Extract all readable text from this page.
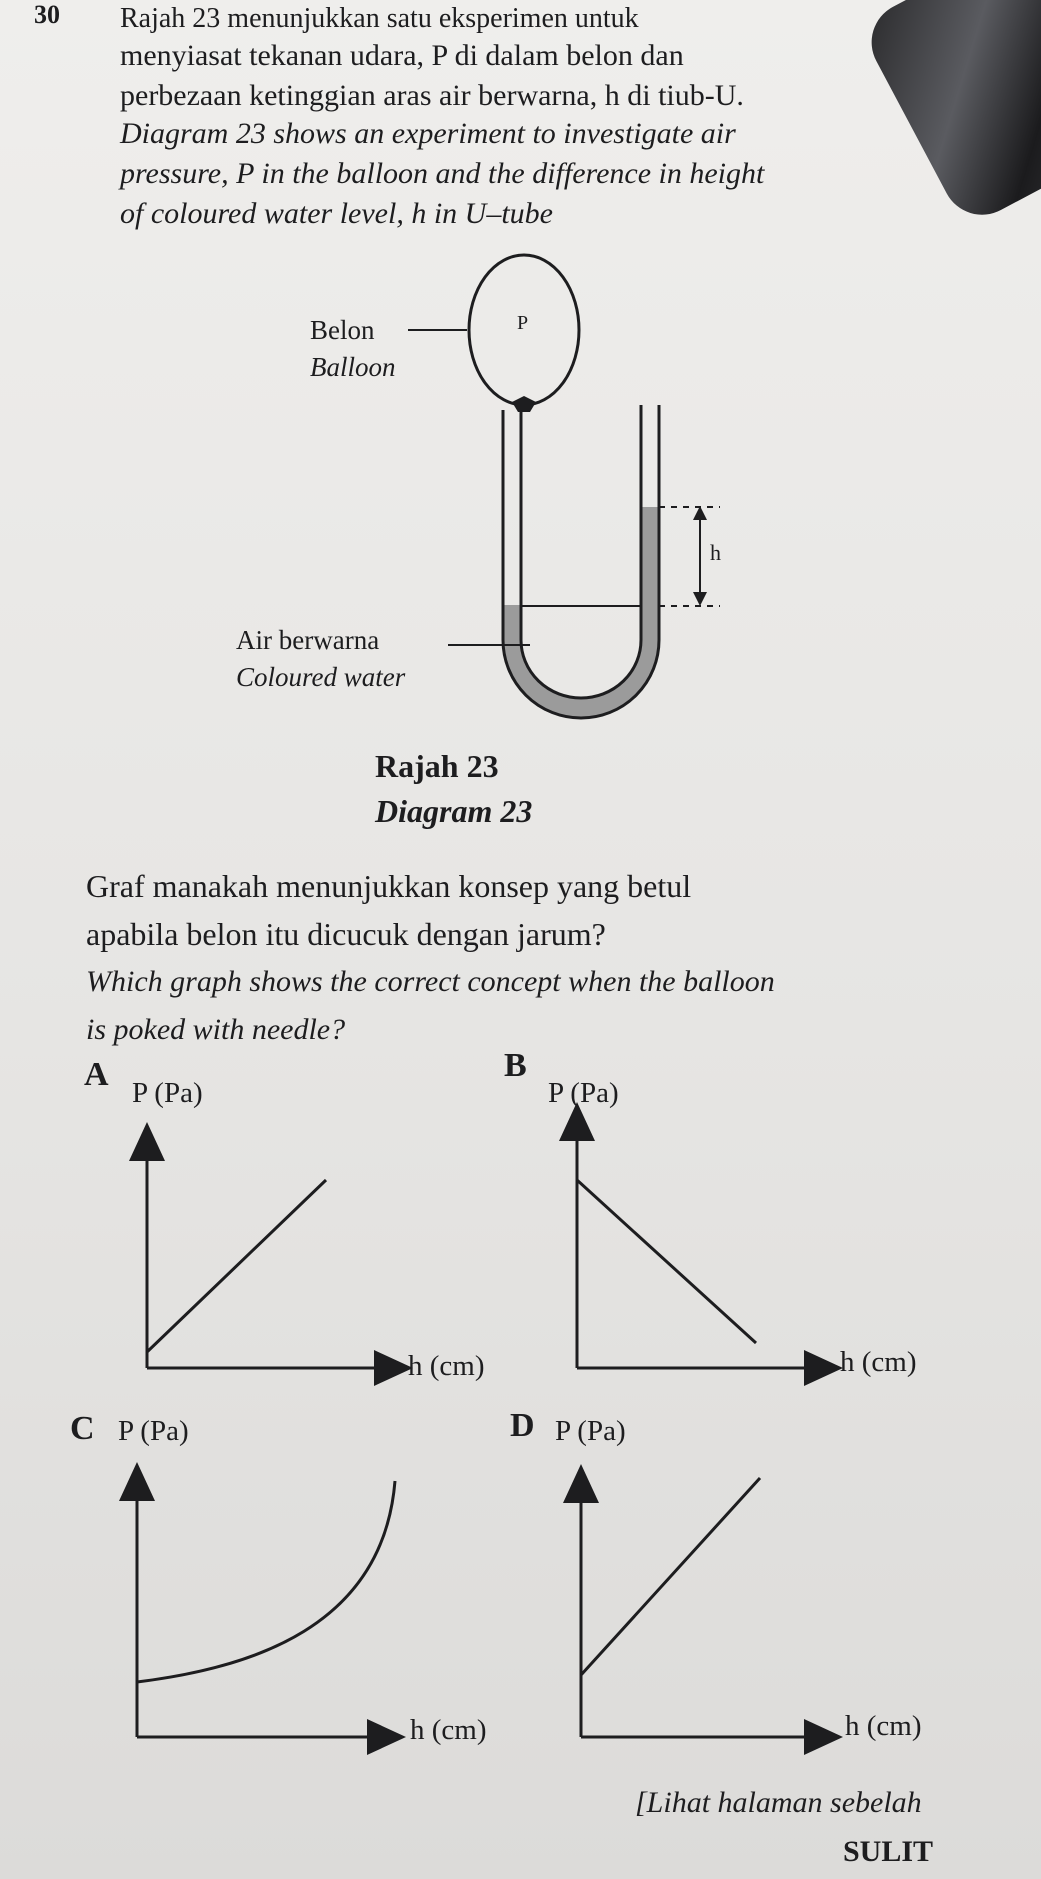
30 Rajah 23 menunjukkan satu eksperimen untuk
menyiasat tekanan udara, P di dalam belon dan
perbezaan ketinggian aras air berwarna, h di tiub-U.
Diagram 23 shows an experiment to investigate air
pressure, P in the balloon and the difference in height
of coloured water level, h in U–tube
Belon
Balloon
P
h
Air berwarna
Coloured water
Rajah 23
Diagram 23
Graf manakah menunjukkan konsep yang betul
apabila belon itu dicucuk dengan jarum?
Which graph shows the correct concept when the balloon
is poked with needle?
A P (Pa)
h (cm)
B
P (Pa)
h (cm)
C P (Pa)
h (cm)
D P (Pa)
h (cm)
[Lihat halaman sebelah
SULIT
